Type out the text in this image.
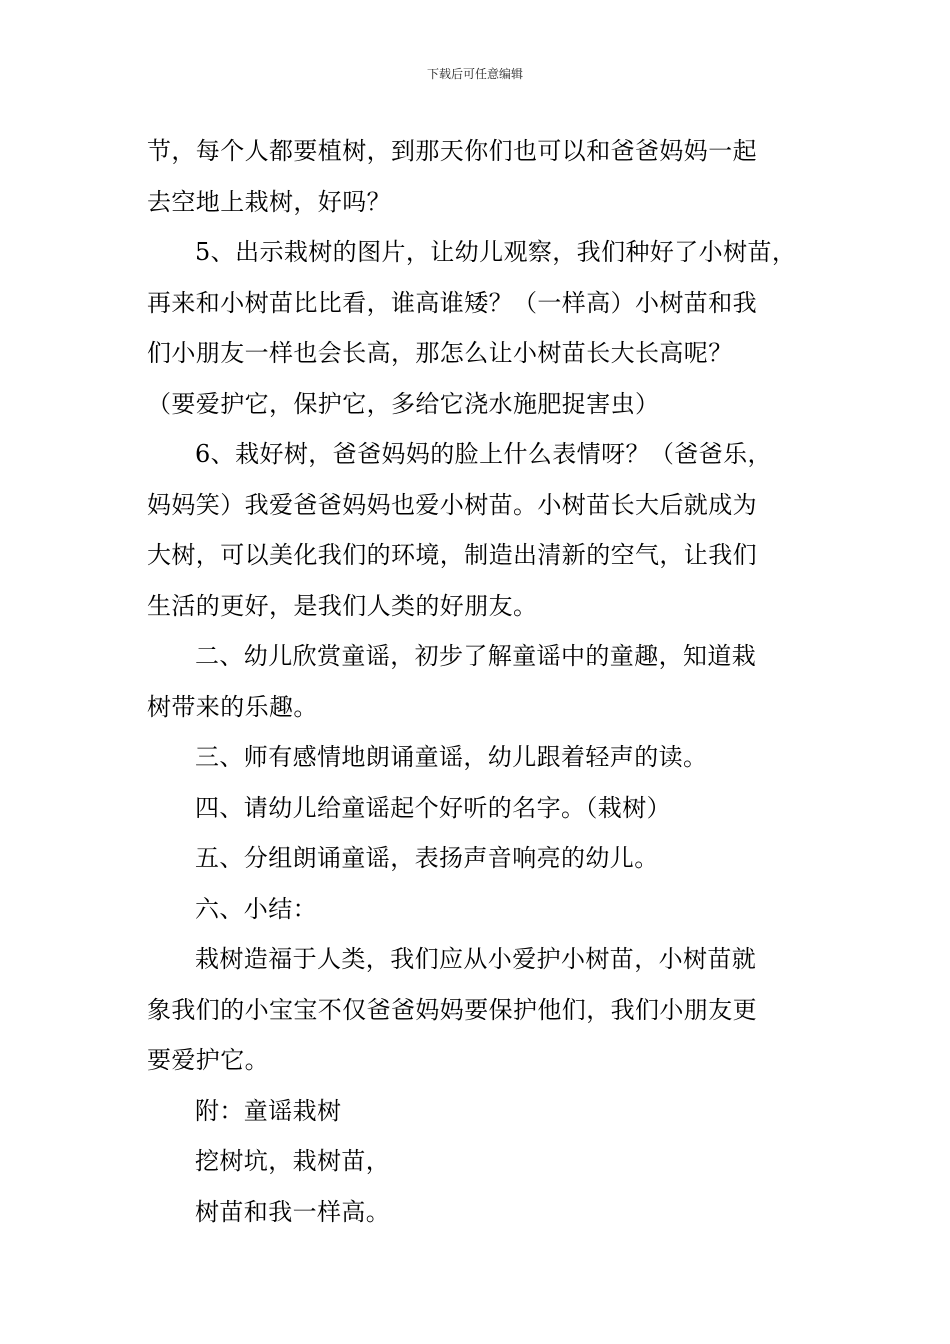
下载后可任意编辑
节，每个人都要植树，到那天你们也可以和爸爸妈妈一起
去空地上栽树，好吗？
5、出示栽树的图片，让幼儿观察，我们种好了小树苗，
再来和小树苗比比看，谁高谁矮？（一样高）小树苗和我
们小朋友一样也会长高，那怎么让小树苗长大长高呢？
（要爱护它，保护它，多给它浇水施肥捉害虫）
6、栽好树，爸爸妈妈的脸上什么表情呀？（爸爸乐，
妈妈笑）我爱爸爸妈妈也爱小树苗。小树苗长大后就成为
大树，可以美化我们的环境，制造出清新的空气，让我们
生活的更好，是我们人类的好朋友。
二、幼儿欣赏童谣，初步了解童谣中的童趣，知道栽
树带来的乐趣。
三、师有感情地朗诵童谣，幼儿跟着轻声的读。
四、请幼儿给童谣起个好听的名字。（栽树）
五、分组朗诵童谣，表扬声音响亮的幼儿。
六、小结：
栽树造福于人类，我们应从小爱护小树苗，小树苗就
象我们的小宝宝不仅爸爸妈妈要保护他们，我们小朋友更
要爱护它。
附：童谣栽树
挖树坑，栽树苗，
树苗和我一样高。
